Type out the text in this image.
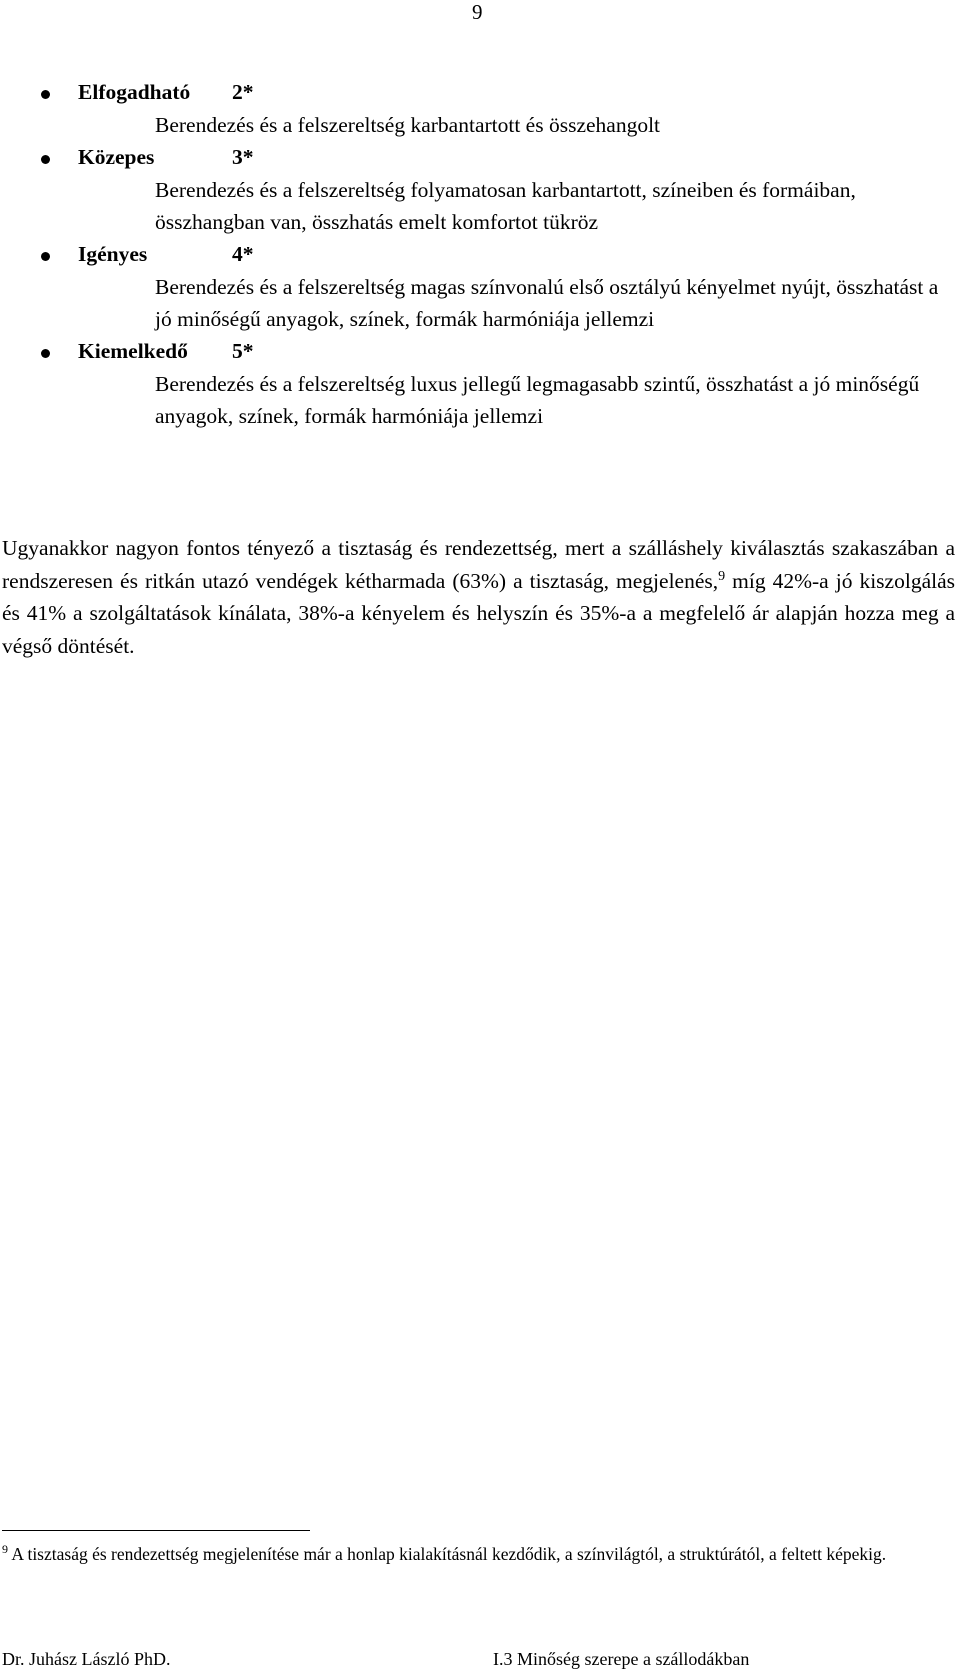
9
Elfogadható 2*

Berendezés és a felszereltség karbantartott és összehangolt

Közepes	3*

Berendezés és a felszereltség folyamatosan karbantartott, színeiben és formáiban, összhangban van, összhatás emelt komfortot tükröz

Igényes	4*

Berendezés és a felszereltség magas színvonalú első osztályú kényelmet nyújt, összhatást a jó minőségű anyagok, színek, formák harmóniája jellemzi

Kiemelkedő 5*

Berendezés és a felszereltség luxus jellegű legmagasabb szintű, összhatást a jó minőségű anyagok, színek, formák harmóniája jellemzi

Ugyanakkor nagyon fontos tényező a tisztaság és rendezettség, mert a szálláshely kiválasztás szakaszában a rendszeresen és ritkán utazó vendégek kétharmada (63%) a tisztaság, megjelenés,$^9$ míg 42%-a jó kiszolgálás és 41% a szolgáltatások kínálata, 38%-a kényelem és helyszín és 35%-a a megfelelő ár alapján hozza meg a végső döntését.

$^9$ A tisztaság és rendezettség megjelenítése már a honlap kialakításnál kezdődik, a színvilágtól, a struktúrától, a feltett képekig.

Dr. Juhász László PhD.	I.3 Minőség szerepe a szállodákban
